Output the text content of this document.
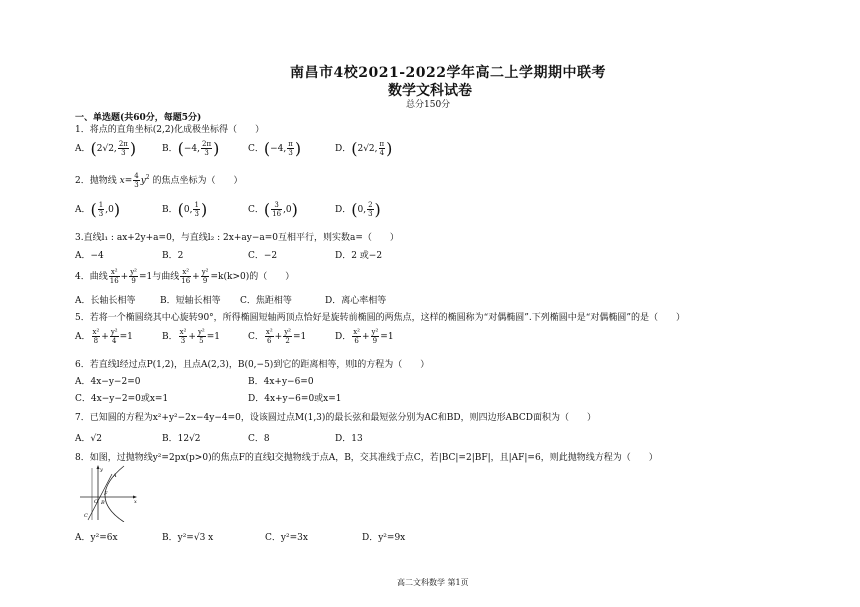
南昌市4校2021-2022学年高二上学期期中联考
数学文科试卷
总分150分
一、单选题(共60分，每题5分)
1．将点的直角坐标(2,2)化成极坐标得（　　）
A．(2√2, $\frac{2\pi}{3}$ )	B．(−4, $\frac{2\pi}{3}$ )	C．(−4, $\frac{\pi}{3}$ )	D．(2√2, $\frac{\pi}{4}$ )
2．抛物线 $x= \frac{4}{3} y^2$ 的焦点坐标为（　　）
A．( $\frac{1}{3} ,0$)	B．(0, $\frac{1}{3}$ )	C．( $\frac{3}{16} ,0$)	D．(0, $\frac{2}{3}$ )
3.直线l₁ : ax+2y+a=0，与直线l₂ : 2x+ay−a=0互相平行，则实数a=（　　）
A．−4	B．2	C．−2	D．2 或−2
4．曲线 $\frac{\text{x²}}{16} + \frac{\text{y²}}{9} =1$与曲线 $\frac{\text{x²}}{16} + \frac{\text{y²}}{9} =k(k>0)$的（　　）
A．长轴长相等	B．短轴长相等 C．焦距相等	D．离心率相等
5．若将一个椭圆绕其中心旋转90°，所得椭圆短轴两顶点恰好是旋转前椭圆的两焦点，这样的椭圆称为“对偶椭圆”.下列椭圆中是“对偶椭圆”的是（　　）
A． $\frac{\text{x²}}{8} + \frac{\text{y²}}{4} =1$	B． $\frac{\text{x²}}{3} + \frac{\text{y²}}{5} =1$	C． $\frac{\text{x²}}{6} + \frac{\text{y²}}{2} =1$	D． $\frac{\text{x²}}{6} + \frac{\text{y²}}{9} =1$
6．若直线l经过点P(1,2)，且点A(2,3)，B(0,−5)到它的距离相等，则l的方程为（　　）
A．4x−y−2=0	B．4x+y−6=0
C．4x−y−2=0或x=1	D．4x+y−6=0或x=1
7．已知圆的方程为x²+y²−2x−4y−4=0，设该圆过点M(1,3)的最长弦和最短弦分别为AC和BD，则四边形ABCD面积为（　　）
A．√2	B．12√2	C．8	D．13
8．如图，过抛物线y²=2px(p>0)的焦点F的直线l交抛物线于点A，B，交其准线于点C，若|BC|=2|BF|，且|AF|=6，则此抛物线方程为（　　）
y
A
F
O	x
B
C
A．y²=6x	B．y²=√3 x	C．y²=3x	D．y²=9x
高二文科数学 第1页
